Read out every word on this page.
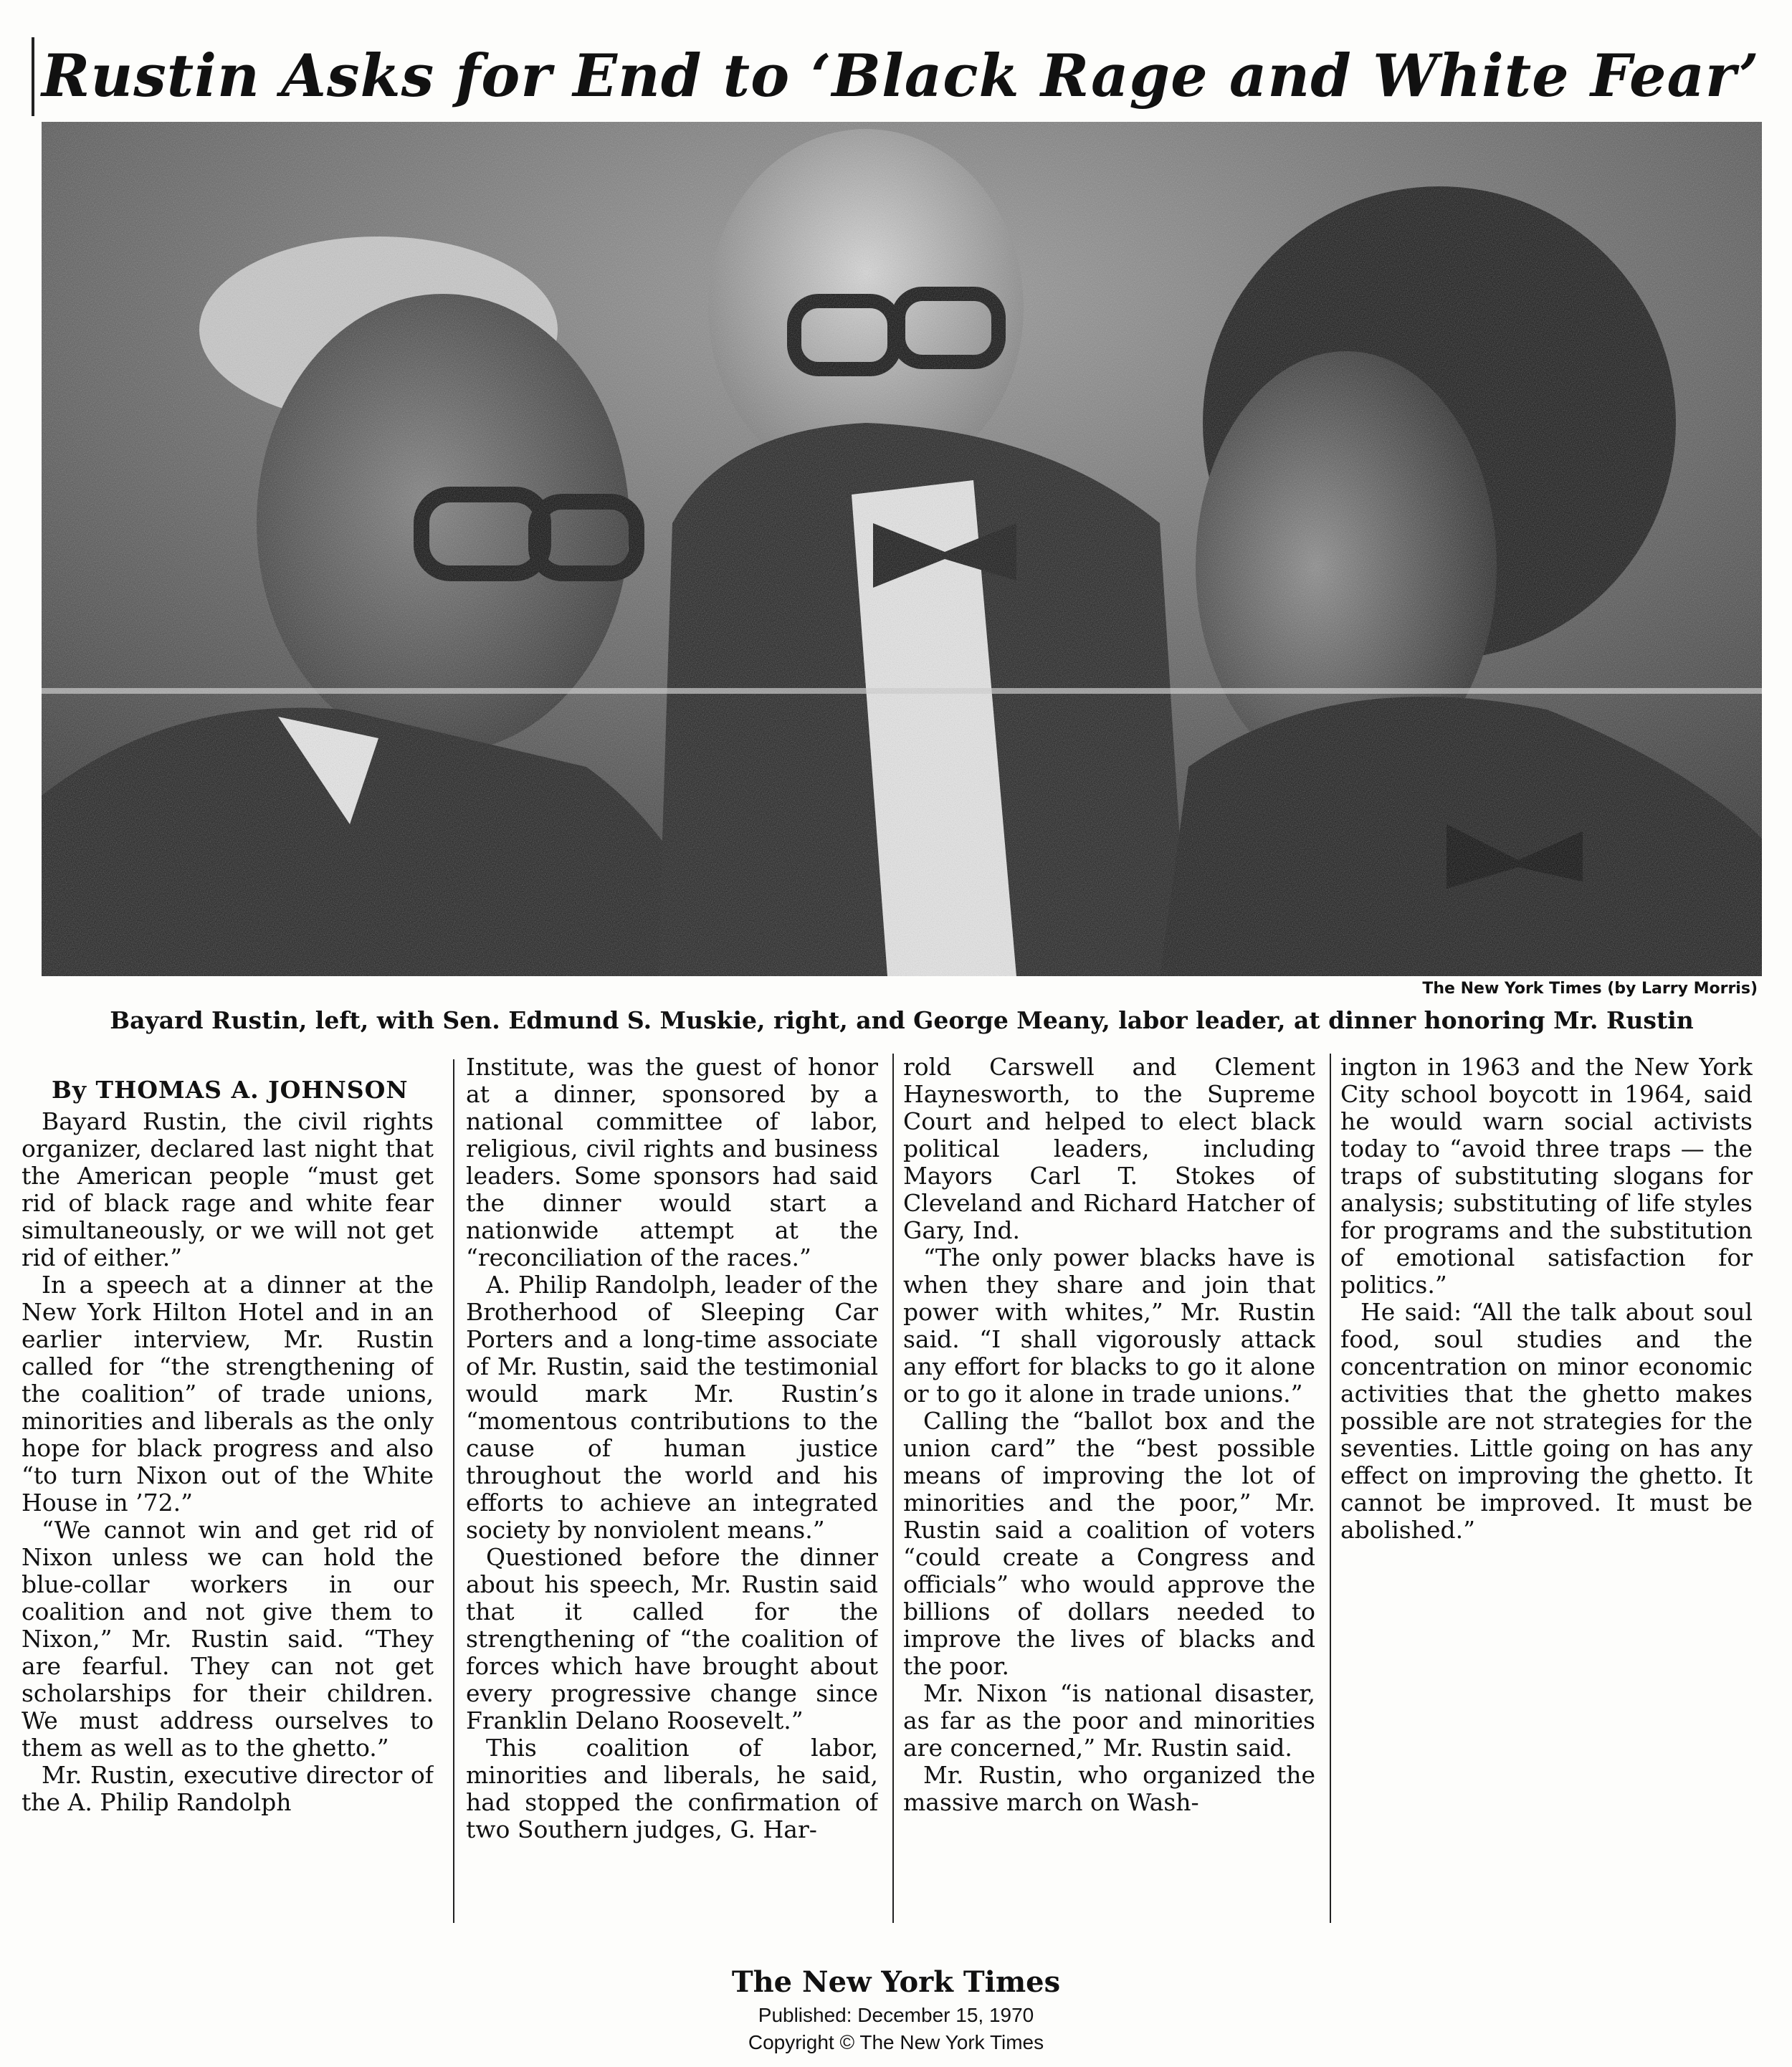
Rustin Asks for End to ‘Black Rage and White Fear’
The New York Times (by Larry Morris)
Bayard Rustin, left, with Sen. Edmund S. Muskie, right, and George Meany, labor leader, at dinner honoring Mr. Rustin
By THOMAS A. JOHNSON

Bayard Rustin, the civil rights organizer, declared last night that the American people “must get rid of black rage and white fear simultaneously, or we will not get rid of either.”

In a speech at a dinner at the New York Hilton Hotel and in an earlier interview, Mr. Rustin called for “the strengthening of the coalition” of trade unions, minorities and liberals as the only hope for black progress and also “to turn Nixon out of the White House in ’72.”

“We cannot win and get rid of Nixon unless we can hold the blue-collar workers in our coalition and not give them to Nixon,” Mr. Rustin said. “They are fearful. They can not get scholarships for their children. We must address ourselves to them as well as to the ghetto.”

Mr. Rustin, executive director of the A. Philip Randolph

Institute, was the guest of honor at a dinner, sponsored by a national committee of labor, religious, civil rights and business leaders. Some sponsors had said the dinner would start a nationwide attempt at the “reconciliation of the races.”

A. Philip Randolph, leader of the Brotherhood of Sleeping Car Porters and a long-time associate of Mr. Rustin, said the testimonial would mark Mr. Rustin’s “momentous contributions to the cause of human justice throughout the world and his efforts to achieve an integrated society by nonviolent means.”

Questioned before the dinner about his speech, Mr. Rustin said that it called for the strengthening of “the coalition of forces which have brought about every progressive change since Franklin Delano Roosevelt.”

This coalition of labor, minorities and liberals, he said, had stopped the confirmation of two Southern judges, G. Har-

rold Carswell and Clement Haynesworth, to the Supreme Court and helped to elect black political leaders, including Mayors Carl T. Stokes of Cleveland and Richard Hatcher of Gary, Ind.

“The only power blacks have is when they share and join that power with whites,” Mr. Rustin said. “I shall vigorously attack any effort for blacks to go it alone or to go it alone in trade unions.”

Calling the “ballot box and the union card” the “best possible means of improving the lot of minorities and the poor,” Mr. Rustin said a coalition of voters “could create a Congress and officials” who would approve the billions of dollars needed to improve the lives of blacks and the poor.

Mr. Nixon “is national disaster, as far as the poor and minorities are concerned,” Mr. Rustin said.

Mr. Rustin, who organized the massive march on Wash-

ington in 1963 and the New York City school boycott in 1964, said he would warn social activists today to “avoid three traps — the traps of substituting slogans for analysis; substituting of life styles for programs and the substitution of emotional satisfaction for politics.”

He said: “All the talk about soul food, soul studies and the concentration on minor economic activities that the ghetto makes possible are not strategies for the seventies. Little going on has any effect on improving the ghetto. It cannot be improved. It must be abolished.”

The New York Times
Published: December 15, 1970
Copyright © The New York Times
